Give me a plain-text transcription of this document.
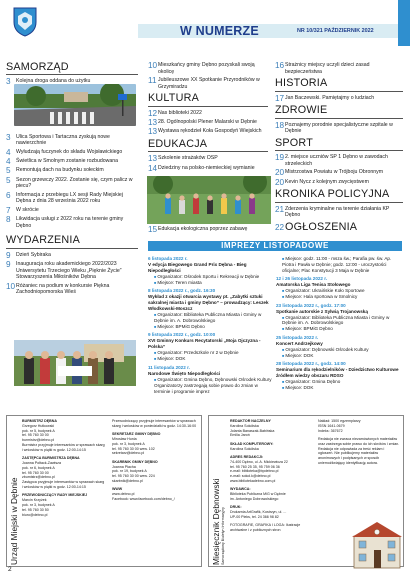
W NUMERZE	NR 10/321 PAŹDZIERNIK 2022
SAMORZĄD
3	Kolejna droga oddana do użytku
3	Ulica Sportowa i Tartaczna zyskują nowe nawierzchnie
4	Wyłudzają fuczynek do składu Wojsławickiego
4	Świetlica w Smolnym zostanie rozbudowana
5	Remontują dach na budynku sołeckim
5	Sezon grzewczy 2022. Zostanie się, czym palicz w piecu?
6	Informacja z przebiegu LX sesji Rady Miejskiej Dębna z dnia 28 września 2022 roku
7	W skrócie
8	Likwidacja usługi z 2022 roku na terenie gminy Dębno
WYDARZENIA
9	Dzień Sybiraka
9	Inauguracja roku akademickiego 2022/2023 Uniwersytetu Trzeciego Wieku „Pięknie Życie” Stowarzyszenia Miłośników Dębna
10 Różaniec na podium w konkursie Piękna Zachodniopomorska Wieś
10 Mieszkańcy gminy Dębno pozyskali swoją okolicę
11 Jubileuszowe XX Spotkanie Przyrodników w Grzymiradzu
KULTURA
12 Nas biblioteki 2022
13 28. Ogólnopolski Plener Malarski w Dębnie
13 Wystawa rękodzieł Koła Gospodyń Wiejskich
EDUKACJA
13 Szkolenie strażaków OSP
14 Dziedziny na polsko-niemieckiej wymianie
15 Edukacja ekologiczna poprzez zabawę
16 Strażnicy miejscy uczyli dzieci zasad bezpieczeństwa
HISTORIA
17 Jan Baczewski. Pamiętajmy o ludziach
ZDROWIE
18 Poznajemy porodnie specjalistyczne szpitale w Dębnie
SPORT
19 2. miejsce uczniów SP 1 Dębno w zawodach strzeleckich
20 Mistrzostwa Powiatu w Trójboju Obronnym
20 Kevin Nycz z kolejnym zwycięstwem
KRONIKA POLICYJNA
21 Zderzenia kryminalne na terenie działania KP Dębno
22 OGŁOSZENIA
IMPREZY LISTOPADOWE
6 listopada 2022 r.
V edycja Biegowego Grand Prix Dębna - Bieg Niepodległości
■ Organizator: Ośrodek Sportu i Rekreacji w Dębnie
■ Miejsce: Teren miasta
8 listopada 2022 r., godz. 16:30
Wykład z okazji otwarcia wystawy pt. „Zabytki sztuki sakralnej miasta i gminy Dębno” – prowadzący: Leszek Włodkowski-Moszcz
■ Organizator: Biblioteka Publiczna Miasta i Gminy w Dębnie im. A. Dobrowolskiego
■ Miejsce: BPMiG Dębno
9 listopada 2022 r., godz. 10:00
XVI Gminny Konkurs Recytatorski „Moja Ojczyzna - Polska”
■ Organizator: Przedszkole nr 2 w Dębnie
■ Miejsce: DOK
11 listopada 2022 r.
Narodowe Święto Niepodległości
■ Organizator: Gmina Dębno, Dębnowski Ośrodek Kultury
Organizatorzy zastrzegają sobie prawo do zmian w terminie i programie imprez
■ Miejsce: godz. 11:00 - msza św.; Parafia pw. św. Ap. Piotra i Pawła w Dębnie; godz. 12:00 - uroczystości oficjalne; Plac Konstytucji 3 Maja w Dębnie
12 i 26 listopada 2022 r.
Amatorska Liga Tenisa Stołowego
■ Organizator: Ukraińskie Koło Sportowe
■ Miejsce: Hala sportowa w Smolnicy
23 listopada 2022 r., godz. 17:00
Spotkanie autorskie z Sylwią Trojanowską
■ Organizator: Biblioteka Publiczna Miasta i Gminy w Dębnie im. A. Dobrowolskiego
■ Miejsce: BPMiG Dębno
25 listopada 2022 r.
Koncert Andrzejkowy
■ Organizator: Dębnowski Ośrodek Kultury
■ Miejsce: DOK
28 listopada 2022 r., godz. 14:00
Seminarium dla rękodzielników - Dziedzictwo Kulturowe źródłem wiedzy obszaru RDSO
■ Organizator: Gmina Dębno
■ Miejsce: DOK
Urząd Miejski w Dębnie
BURMISTRZ DĘBNA
Grzegorz Hutkowski
pok. nr 5, budynek A
tel. 95 760 30 00
burmistrz@debno.pl
Burmistrz przyjmuje interesantów w sprawach skarg i wniosków w piątki w godz. 12:00-14:15
ZASTĘPCA BURMISTRZA DĘBNA
Joanna Połtack-Zawisza
pok. nr 6, budynek A
tel. 95 760 30 00
zbumistrz@debno.pl
Zastępca przyjmuje interesantów w sprawach skarg i wniosków w piątki w godz. 12:00-14:15
PRZEWODNICZĄCY RADY MIEJSKIEJ
Marcin Krzyżek
pok. nr 3, budynek A
tel. 95 760 30 50
biuro@debno.pl
Przewodniczący przyjmuje interesantów w sprawach skarg i wniosków w poniedziałki w godz. 14:30-16:00
SEKRETARZ GMINY DĘBNO
Mirosław Hunia
pok. nr 3, budynek A
tel. 95 760 30 00 wew. 102
sekretarz@debno.pl
SKARBNIK GMINY DĘBNO
Joanna Płacha
pok. nr 19, budynek A
tel. 95 760 30 00 wew. 224
skarbnik@debno.pl
WWW
www.debno.pl
Facebook: www.facebook.com/debno_/	Miesięcznik Dębnowski Samorządowy Biuletyn Informacyjny
REDAKTOR NACZELNY
Karolina Sokólska
Jolanta Banaszak-Babińska
Emilia Jaroń
SKŁAD KOMPUTEROWY:
Karolina Sokólska
ADRES REDAKCJI:
74-400 Dębno, ul. A. Mickiewicza 22
tel. 95 760 25 35, 95 759 06 36
e-mail: biblioteka@bpdebno.pl
e-mail: sokol.k@debno.pl
www.bibliotekadebno.com.pl
WYDAWCA:
Biblioteka Publiczna MiG w Dębnie
im. Antoniego Dobrowolskiego
DRUK:
Drukarnia ArtGrafik, Kostrzyn, ul. ...
UP-00 Pleks, tel. 24 366 98 82
FOTOGRAFIE, GRAFIKA I LOGA: Ilustracje archiwalne i z publicznych stron
Nakład: 1500 egzemplarzy
ISSN 1641-0679
Indeks: 367672
Redakcja nie zwraca niezamówionych materiałów oraz zastrzega sobie prawo do ich skrótów i zmian. Redakcja nie odpowiada za treść reklam i ogłoszeń. Nie publikujemy materiałów anonimowych i podpisanych w sposób uniemożliwiający identyfikację autora.
2
